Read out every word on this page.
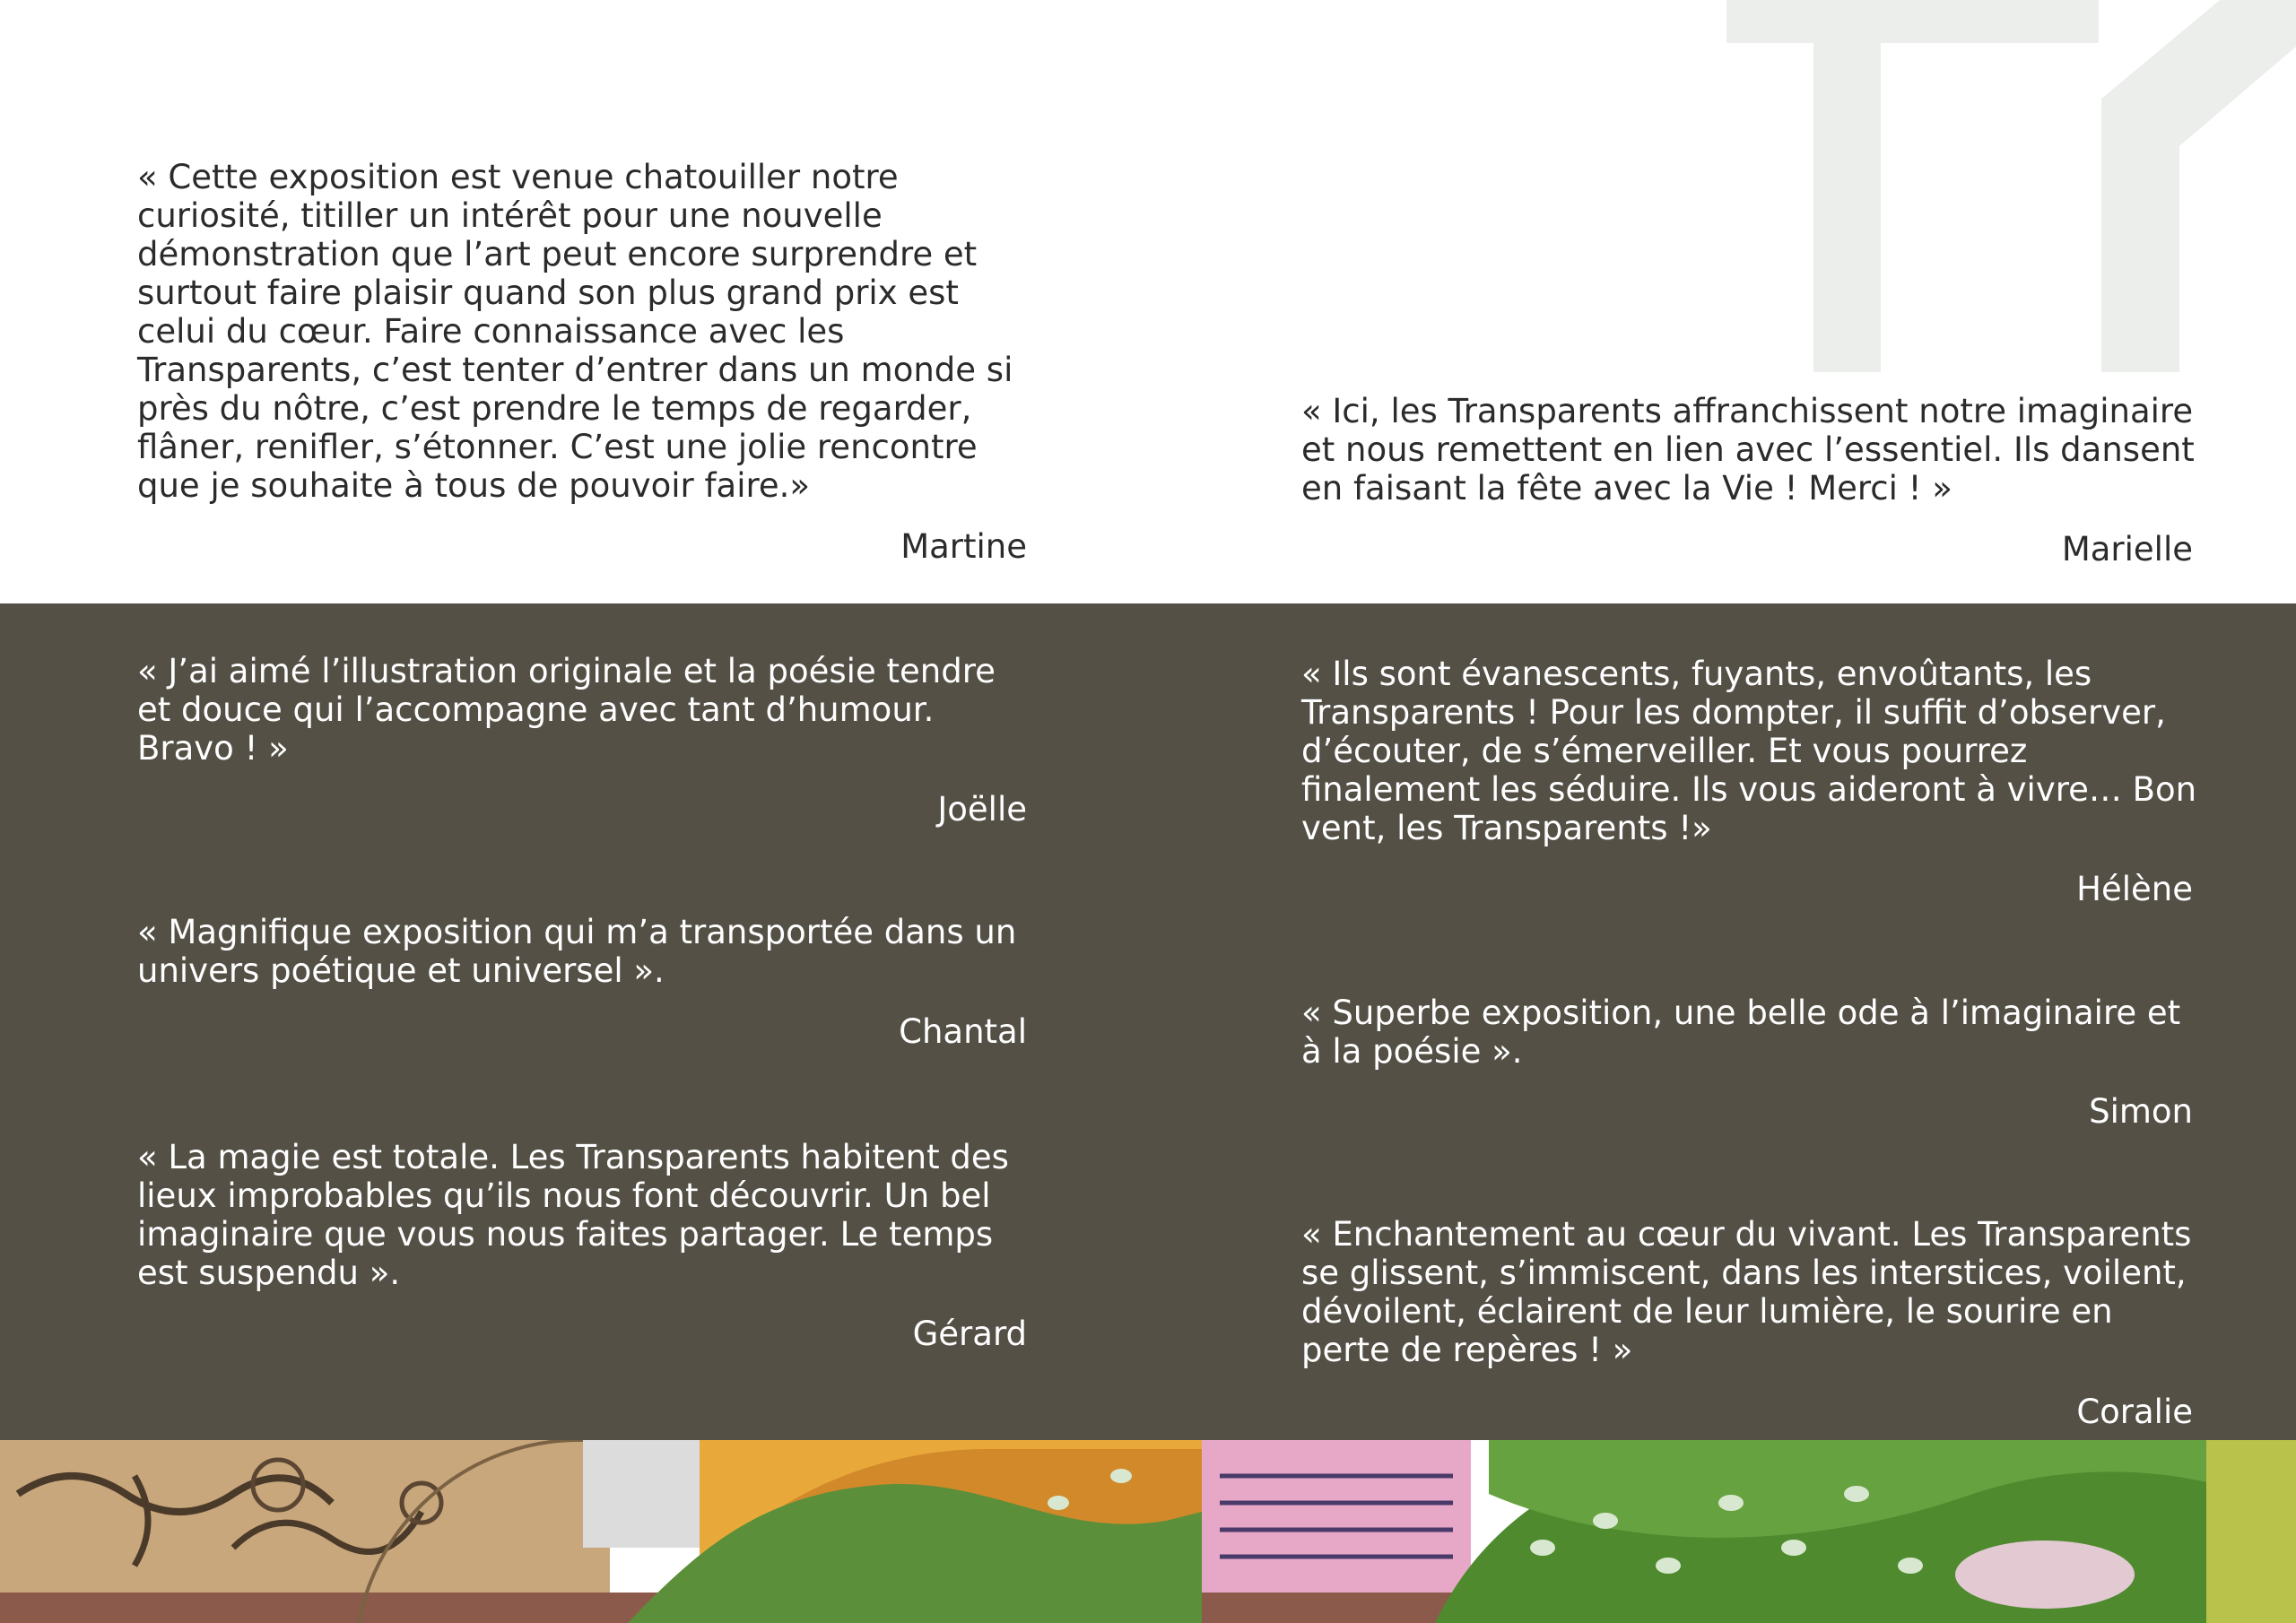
« Cette exposition est venue chatouiller notre curiosité, titiller un intérêt pour une nouvelle démonstration que l’art peut encore surprendre et surtout faire plaisir quand son plus grand prix est celui du cœur. Faire connaissance avec les Transparents, c’est tenter d’entrer dans un monde si près du nôtre, c’est prendre le temps de regarder, flâner, renifler, s’étonner. C’est une jolie rencontre que je souhaite à tous de pouvoir faire.»

Martine

« Ici, les Transparents affranchissent notre imaginaire et nous remettent en lien avec l’essentiel. Ils dansent en faisant la fête avec la Vie ! Merci ! »

Marielle

« J’ai aimé l’illustration originale et la poésie tendre et douce qui l’accompagne avec tant d’humour. Bravo ! »

Joëlle

« Magnifique exposition qui m’a transportée dans un univers poétique et universel ».

Chantal

« La magie est totale. Les Transparents habitent des lieux improbables qu’ils nous font découvrir. Un bel imaginaire que vous nous faites partager. Le temps est suspendu ».

Gérard

« Ils sont évanescents, fuyants, envoûtants, les Transparents ! Pour les dompter, il suffit d’observer, d’écouter, de s’émerveiller. Et vous pourrez finalement les séduire. Ils vous aideront à vivre… Bon vent, les Transparents !»

Hélène

« Superbe exposition, une belle ode à l’imaginaire et à la poésie ».

Simon

« Enchantement au cœur du vivant. Les Transparents se glissent, s’immiscent, dans les interstices, voilent, dévoilent, éclairent de leur lumière, le sourire en perte de repères ! »

Coralie
